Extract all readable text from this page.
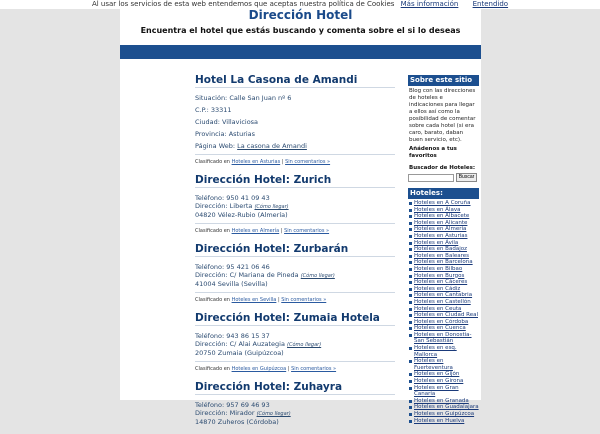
Al usar los servicios de esta web entendemos que aceptas nuestra política de Cookies Más información Entendido
Dirección Hotel
Encuentra el hotel que estás buscando y comenta sobre el si lo deseas
Hotel La Casona de Amandi
Situación: Calle San Juan nº 6
C.P.: 33311
Ciudad: Villaviciosa
Provincia: Asturias
Página Web: La casona de Amandi
Clasificado en Hoteles en Asturias | Sin comentarios »
Dirección Hotel: Zurich
Teléfono: 950 41 09 43
Dirección: Liberta (Cómo llegar)
04820 Vélez-Rubio (Almería)
Clasificado en Hoteles en Almería | Sin comentarios »
Dirección Hotel: Zurbarán
Teléfono: 95 421 06 46
Dirección: C/ Mariana de Pineda (Cómo llegar)
41004 Sevilla (Sevilla)
Clasificado en Hoteles en Sevilla | Sin comentarios »
Dirección Hotel: Zumaia Hotela
Teléfono: 943 86 15 37
Dirección: C/ Alai Auzategia (Cómo llegar)
20750 Zumaia (Guipúzcoa)
Clasificado en Hoteles en Guipúzcoa | Sin comentarios »
Dirección Hotel: Zuhayra
Teléfono: 957 69 46 93
Dirección: Mirador (Cómo llegar)
14870 Zuheros (Córdoba)
Sobre este sitio
Blog con las direcciones de hoteles e indicaciones para llegar a ellos así como la posibilidad de comentar sobre cada hotel (si era caro, barato, daban buen servicio, etc).
Añádenos a tus favoritos
Buscador de Hoteles:
Buscar
Hoteles:
Hoteles en A Coruña
Hoteles en Álava
Hoteles en Albacete
Hoteles en Alicante
Hoteles en Almería
Hoteles en Asturias
Hoteles en Ávila
Hoteles en Badajoz
Hoteles en Baleares
Hoteles en Barcelona
Hoteles en Bilbao
Hoteles en Burgos
Hoteles en Cáceres
Hoteles en Cádiz
Hoteles en Cantabria
Hoteles en Castellón
Hoteles en Ceuta
Hoteles en Ciudad Real
Hoteles en Córdoba
Hoteles en Cuenca
Hoteles en Donostia-San Sebastián
Hoteles en esq. Mallorca
Hoteles en Fuerteventura
Hoteles en Gijón
Hoteles en Girona
Hoteles en Gran Canaria
Hoteles en Granada
Hoteles en Guadalajara
Hoteles en Guipúzcoa
Hoteles en Huelva
